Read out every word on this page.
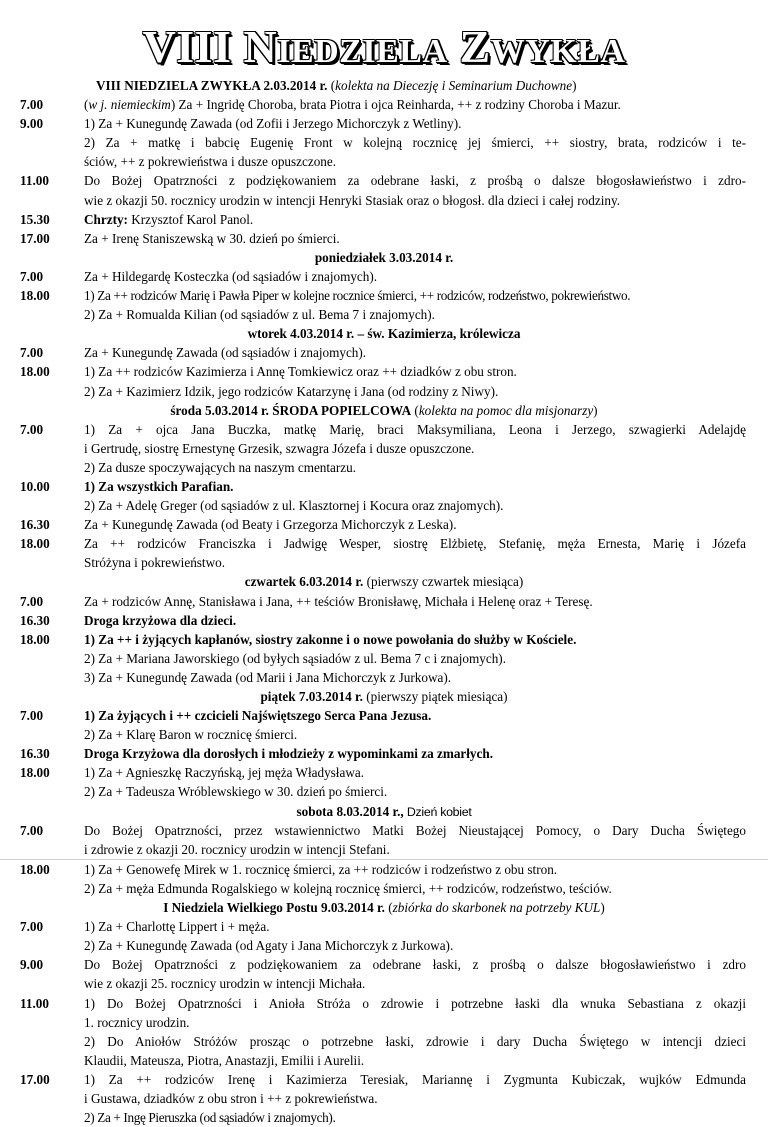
VIII NIEDZIELA ZWYKŁA
VIII NIEDZIELA ZWYKŁA 2.03.2014 r. (kolekta na Diecezję i Seminarium Duchowne)
7.00	(w j. niemieckim) Za + Ingridę Choroba, brata Piotra i ojca Reinharda, ++ z rodziny Choroba i Mazur.
9.00	1) Za + Kunegundę Zawada (od Zofii i Jerzego Michorczyk z Wetliny).
2) Za + matkę i babcię Eugenię Front w kolejną rocznicę jej śmierci, ++ siostry, brata, rodziców i te-
ściów, ++ z pokrewieństwa i dusze opuszczone.
11.00	Do Bożej Opatrzności z podziękowaniem za odebrane łaski, z prośbą o dalsze błogosławieństwo i zdro-
wie z okazji 50. rocznicy urodzin w intencji Henryki Stasiak oraz o błogosł. dla dzieci i całej rodziny.
15.30	Chrzty: Krzysztof Karol Panol.
17.00	Za + Irenę Staniszewską w 30. dzień po śmierci.
poniedziałek 3.03.2014 r.
7.00	Za + Hildegardę Kosteczka (od sąsiadów i znajomych).
18.00	1) Za ++ rodziców Marię i Pawła Piper w kolejne rocznice śmierci, ++ rodziców, rodzeństwo, pokrewieństwo.
2) Za + Romualda Kilian (od sąsiadów z ul. Bema 7 i znajomych).
wtorek 4.03.2014 r. – św. Kazimierza, królewicza
7.00	Za + Kunegundę Zawada (od sąsiadów i znajomych).
18.00	1) Za ++ rodziców Kazimierza i Annę Tomkiewicz oraz ++ dziadków z obu stron.
2) Za + Kazimierz Idzik, jego rodziców Katarzynę i Jana (od rodziny z Niwy).
środa 5.03.2014 r. ŚRODA POPIELCOWA (kolekta na pomoc dla misjonarzy)
7.00	1) Za + ojca Jana Buczka, matkę Marię, braci Maksymiliana, Leona i Jerzego, szwagierki Adelajdę
i Gertrudę, siostrę Ernestynę Grzesik, szwagra Józefa i dusze opuszczone.
2) Za dusze spoczywających na naszym cmentarzu.
10.00	1) Za wszystkich Parafian.
2) Za + Adelę Greger (od sąsiadów z ul. Klasztornej i Kocura oraz znajomych).
16.30	Za + Kunegundę Zawada (od Beaty i Grzegorza Michorczyk z Leska).
18.00	Za ++ rodziców Franciszka i Jadwigę Wesper, siostrę Elżbietę, Stefanię, męża Ernesta, Marię i Józefa
Stróżyna i pokrewieństwo.
czwartek 6.03.2014 r. (pierwszy czwartek miesiąca)
7.00	Za + rodziców Annę, Stanisława i Jana, ++ teściów Bronisławę, Michała i Helenę oraz + Teresę.
16.30	Droga krzyżowa dla dzieci.
18.00	1) Za ++ i żyjących kapłanów, siostry zakonne i o nowe powołania do służby w Kościele.
2) Za + Mariana Jaworskiego (od byłych sąsiadów z ul. Bema 7 c i znajomych).
3) Za + Kunegundę Zawada (od Marii i Jana Michorczyk z Jurkowa).
piątek 7.03.2014 r. (pierwszy piątek miesiąca)
7.00	1) Za żyjących i ++ czcicieli Najświętszego Serca Pana Jezusa.
2) Za + Klarę Baron w rocznicę śmierci.
16.30	Droga Krzyżowa dla dorosłych i młodzieży z wypominkami za zmarłych.
18.00	1) Za + Agnieszkę Raczyńską, jej męża Władysława.
2) Za + Tadeusza Wróblewskiego w 30. dzień po śmierci.
sobota 8.03.2014 r., Dzień kobiet
7.00	Do Bożej Opatrzności, przez wstawiennictwo Matki Bożej Nieustającej Pomocy, o Dary Ducha Świętego
i zdrowie z okazji 20. rocznicy urodzin w intencji Stefani.
18.00	1) Za + Genowefę Mirek w 1. rocznicę śmierci, za ++ rodziców i rodzeństwo z obu stron.
2) Za + męża Edmunda Rogalskiego w kolejną rocznicę śmierci, ++ rodziców, rodzeństwo, teściów.
I Niedziela Wielkiego Postu 9.03.2014 r. (zbiórka do skarbonek na potrzeby KUL)
7.00	1) Za + Charlottę Lippert i + męża.
2) Za + Kunegundę Zawada (od Agaty i Jana Michorczyk z Jurkowa).
9.00	Do Bożej Opatrzności z podziękowaniem za odebrane łaski, z prośbą o dalsze błogosławieństwo i zdro
wie z okazji 25. rocznicy urodzin w intencji Michała.
11.00	1) Do Bożej Opatrzności i Anioła Stróża o zdrowie i potrzebne łaski dla wnuka Sebastiana z okazji
1. rocznicy urodzin.
2) Do Aniołów Stróżów prosząc o potrzebne łaski, zdrowie i dary Ducha Świętego w intencji dzieci
Klaudii, Mateusza, Piotra, Anastazji, Emilii i Aurelii.
17.00	1) Za ++ rodziców Irenę i Kazimierza Teresiak, Mariannę i Zygmunta Kubiczak, wujków Edmunda
i Gustawa, dziadków z obu stron i ++ z pokrewieństwa.
2) Za + Ingę Pieruszka (od sąsiadów i znajomych).
